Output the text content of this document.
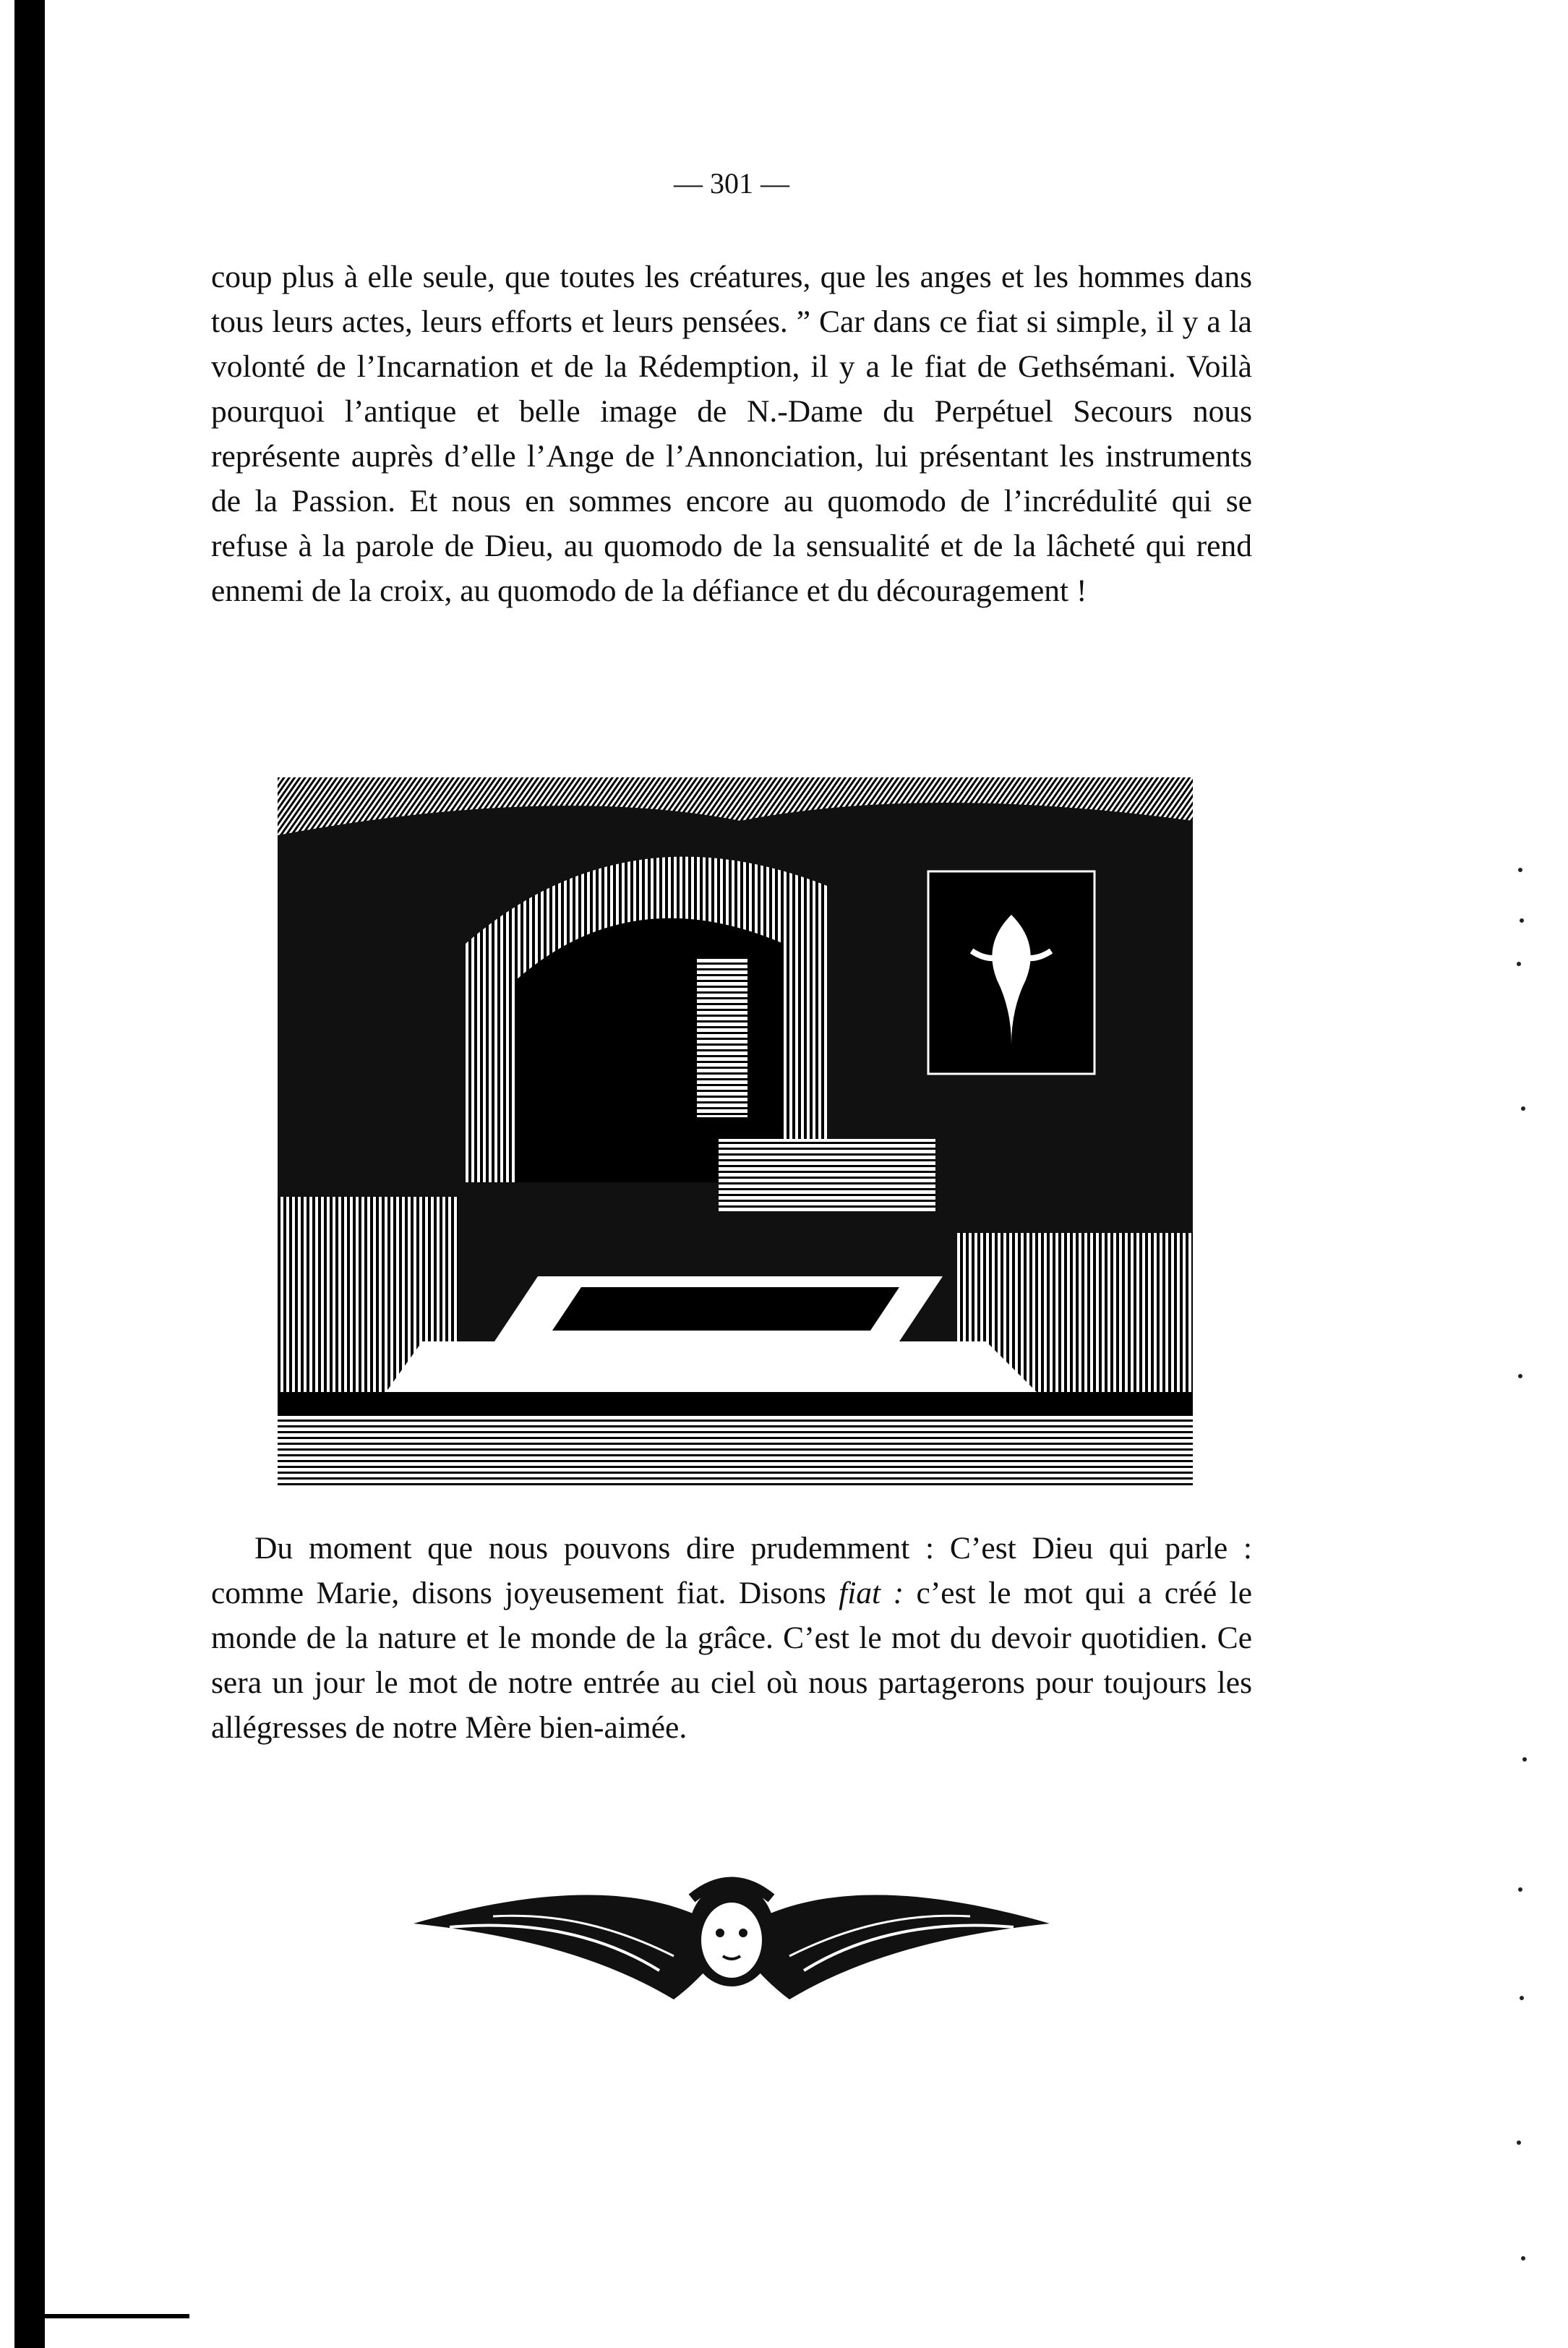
— 301 —

coup plus à elle seule, que toutes les créatures, que les anges et les hommes dans tous leurs actes, leurs efforts et leurs pensées. ” Car dans ce fiat si simple, il y a la volonté de l’Incarnation et de la Rédemption, il y a le fiat de Gethsémani. Voilà pourquoi l’antique et belle image de N.-Dame du Perpétuel Secours nous représente auprès d’elle l’Ange de l’Annonciation, lui présentant les instruments de la Passion. Et nous en sommes encore au quomodo de l’incrédulité qui se refuse à la parole de Dieu, au quomodo de la sensualité et de la lâcheté qui rend ennemi de la croix, au quomodo de la défiance et du découragement !

Du moment que nous pouvons dire prudemment : C’est Dieu qui parle : comme Marie, disons joyeusement fiat. Disons fiat : c’est le mot qui a créé le monde de la nature et le monde de la grâce. C’est le mot du devoir quotidien. Ce sera un jour le mot de notre entrée au ciel où nous partagerons pour toujours les allégresses de notre Mère bien-aimée.
